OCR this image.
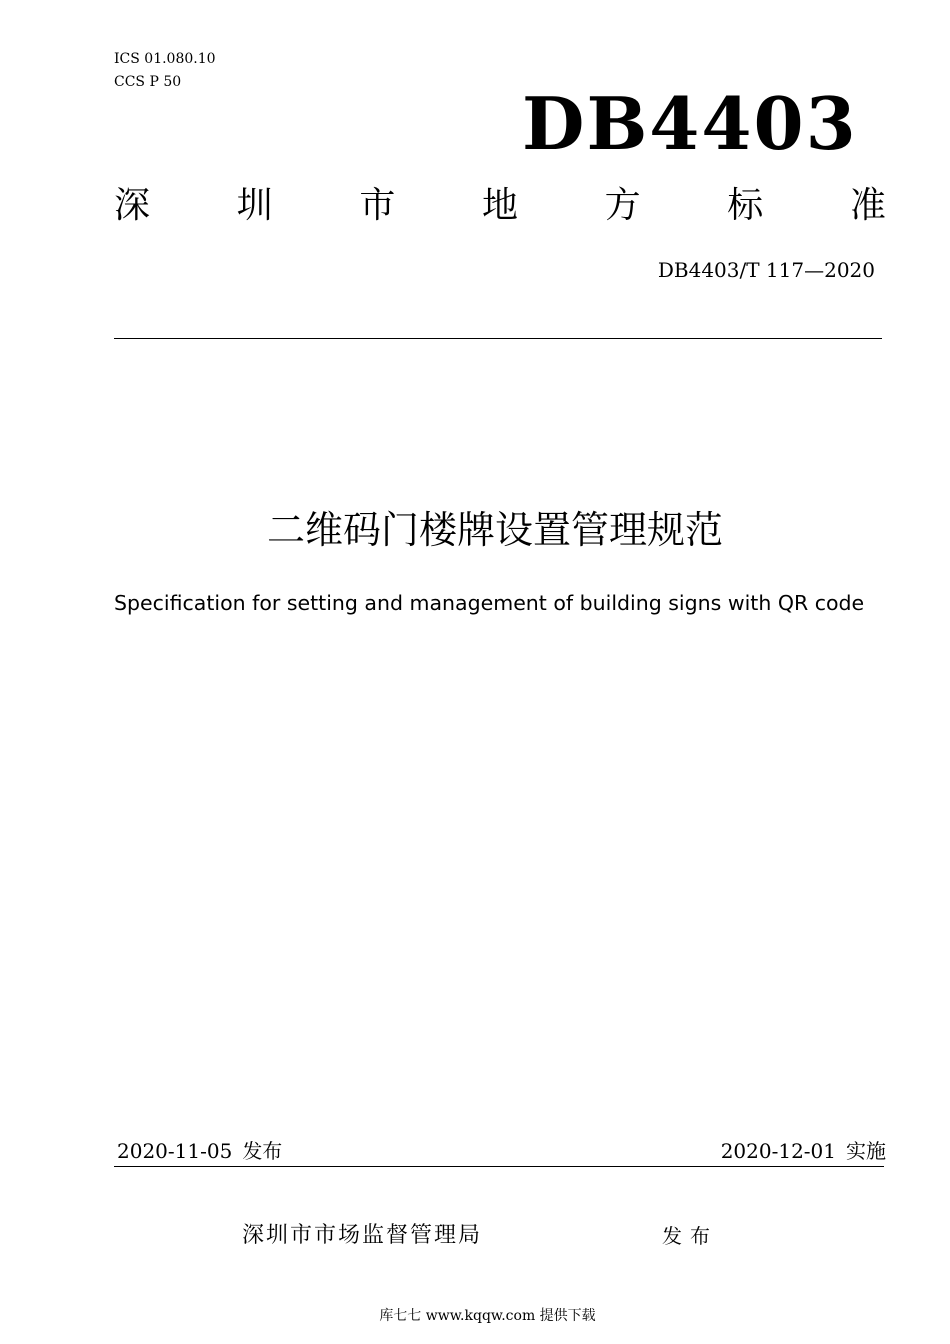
ICS 01.080.10
CCS P 50	DB4403
深 圳 市 地 方 标 准
DB4403/T 117—2020
二维码门楼牌设置管理规范
Specification for setting and management of building signs with QR code
2020-11-05 发布	2020-12-01 实施
深圳市市场监督管理局	发布
库七七 www.kqqw.com 提供下载
